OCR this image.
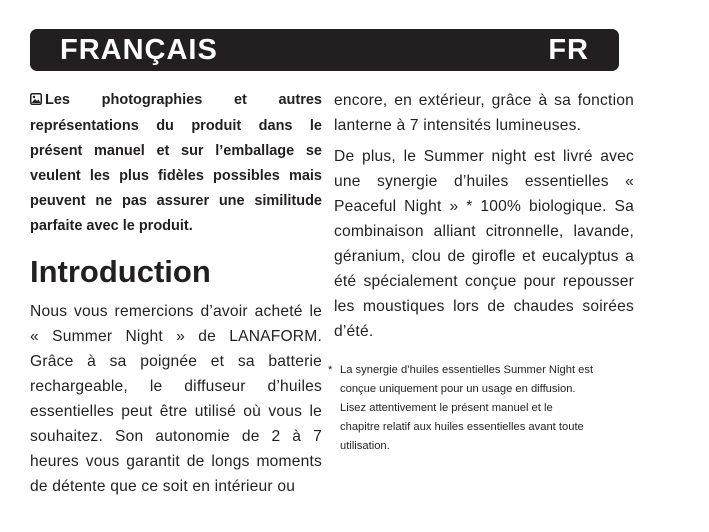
FRANÇAIS	FR

Les photographies et autres représentations du produit dans le présent manuel et sur l’emballage se veulent les plus fidèles possibles mais peuvent ne pas assurer une similitude parfaite avec le produit.

Introduction

Nous vous remercions d’avoir acheté le « Summer Night » de LANAFORM. Grâce à sa poignée et sa batterie rechargeable, le diffuseur d’huiles essentielles peut être utilisé où vous le souhaitez. Son autonomie de 2 à 7 heures vous garantit de longs moments de détente que ce soit en intérieur ou

encore, en extérieur, grâce à sa fonction lanterne à 7 intensités lumineuses.

De plus, le Summer night est livré avec une synergie d’huiles essentielles « Peaceful Night » * 100% biologique. Sa combinaison alliant citronnelle, lavande, géranium, clou de girofle et eucalyptus a été spécialement conçue pour repousser les moustiques lors de chaudes soirées d’été.

* La synergie d’huiles essentielles Summer Night est conçue uniquement pour un usage en diffusion. Lisez attentivement le présent manuel et le chapitre relatif aux huiles essentielles avant toute utilisation.
